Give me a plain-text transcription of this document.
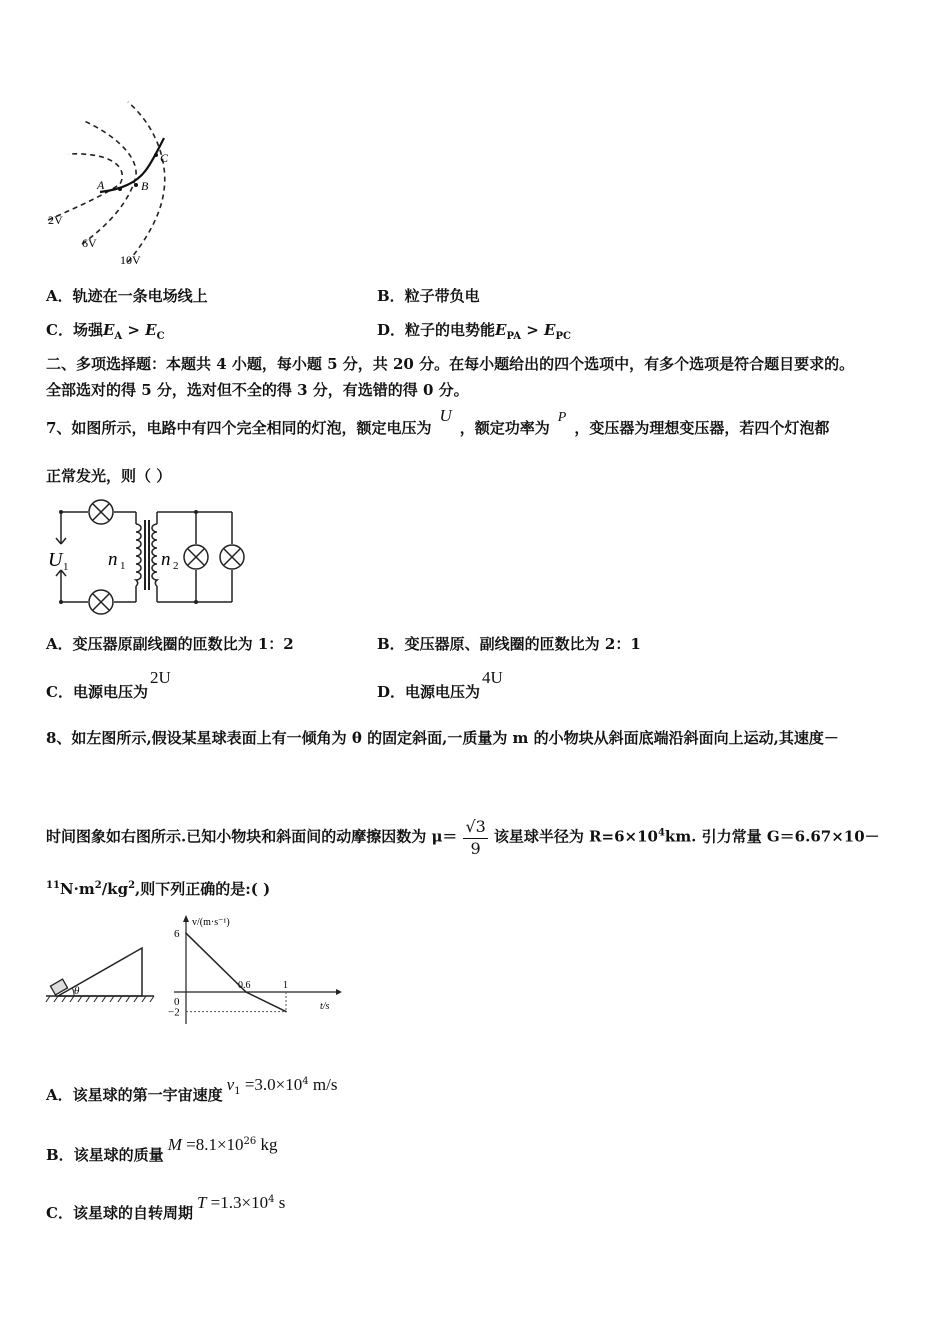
A	B
C
2V
6V
10V
A．轨迹在一条电场线上	B．粒子带负电
C．场强$E_A > E_C$	D．粒子的电势能$E_{PA} > E_{PC}$
二、多项选择题：本题共 4 小题，每小题 5 分，共 20 分。在每小题给出的四个选项中，有多个选项是符合题目要求的。
全部选对的得 5 分，选对但不全的得 3 分，有选错的得 0 分。
7、如图所示，电路中有四个完全相同的灯泡，额定电压为U，额定功率为P，变压器为理想变压器，若四个灯泡都
正常发光，则（ ）
U 1 n 1 n 2
A．变压器原副线圈的匝数比为 1：2	B．变压器原、副线圈的匝数比为 2：1
C．电源电压为2U
D．电源电压为4U
8、如左图所示,假设某星球表面上有一倾角为 θ 的固定斜面,一质量为 m 的小物块从斜面底端沿斜面向上运动,其速度－
时间图象如右图所示.已知小物块和斜面间的动摩擦因数为 $\mu= \frac{√3}{9}$ 该星球半径为 $R=6\times 10^4km$. 引力常量 G＝6.67×10－
$^{11}N\cdot m^2/kg^2$,则下列正确的是:( )
θ
v/(m·s⁻¹)
t/s
6
0
−2
0.6	1
A．该星球的第一宇宙速度$v_1 =3.0\times 10^4$ m/s
B．该星球的质量$M =8.1\times 10^{26}$ kg
C．该星球的自转周期$T =1.3\times 10^4$ s
